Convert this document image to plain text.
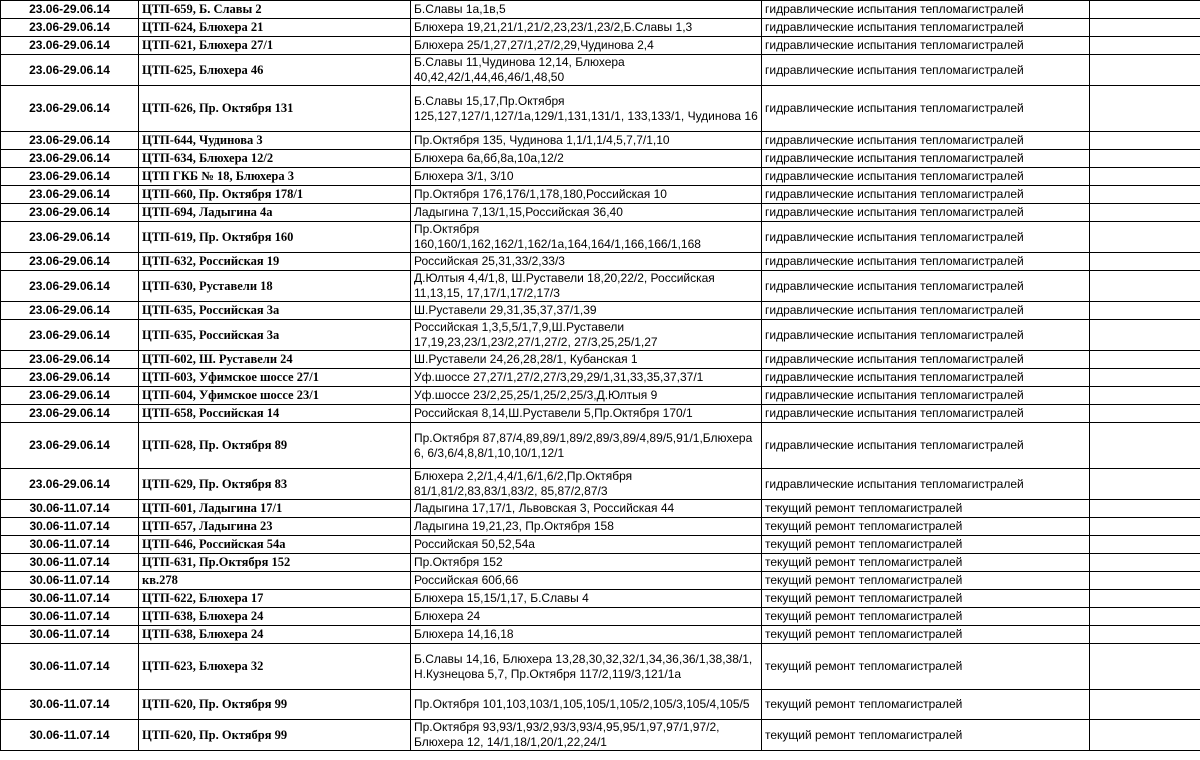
23.06-29.06.14	ЦТП-659, Б. Славы 2	Б.Славы 1а,1в,5	гидравлические испытания тепломагистралей	
23.06-29.06.14	ЦТП-624, Блюхера 21	Блюхера 19,21,21/1,21/2,23,23/1,23/2,Б.Славы 1,3	гидравлические испытания тепломагистралей	
23.06-29.06.14	ЦТП-621, Блюхера 27/1	Блюхера 25/1,27,27/1,27/2,29,Чудинова 2,4	гидравлические испытания тепломагистралей	
23.06-29.06.14	ЦТП-625, Блюхера 46	Б.Славы 11,Чудинова 12,14, Блюхера 40,42,42/1,44,46,46/1,48,50	гидравлические испытания тепломагистралей	
23.06-29.06.14	ЦТП-626, Пр. Октября 131	Б.Славы 15,17,Пр.Октября 125,127,127/1,127/1а,129/1,131,131/1, 133,133/1, Чудинова 16	гидравлические испытания тепломагистралей	
23.06-29.06.14	ЦТП-644, Чудинова 3	Пр.Октября 135, Чудинова 1,1/1,1/4,5,7,7/1,10	гидравлические испытания тепломагистралей	
23.06-29.06.14	ЦТП-634, Блюхера 12/2	Блюхера 6а,6б,8а,10а,12/2	гидравлические испытания тепломагистралей	
23.06-29.06.14	ЦТП ГКБ № 18, Блюхера 3	Блюхера 3/1, 3/10	гидравлические испытания тепломагистралей	
23.06-29.06.14	ЦТП-660, Пр. Октября 178/1	Пр.Октября 176,176/1,178,180,Российская 10	гидравлические испытания тепломагистралей	
23.06-29.06.14	ЦТП-694, Ладыгина 4а	Ладыгина 7,13/1,15,Российская 36,40	гидравлические испытания тепломагистралей	
23.06-29.06.14	ЦТП-619, Пр. Октября 160	Пр.Октября 160,160/1,162,162/1,162/1а,164,164/1,166,166/1,168	гидравлические испытания тепломагистралей	
23.06-29.06.14	ЦТП-632, Российская 19	Российская 25,31,33/2,33/3	гидравлические испытания тепломагистралей	
23.06-29.06.14	ЦТП-630, Руставели 18	Д.Юлтыя 4,4/1,8, Ш.Руставели 18,20,22/2, Российская 11,13,15, 17,17/1,17/2,17/3	гидравлические испытания тепломагистралей	
23.06-29.06.14	ЦТП-635, Российская 3а	Ш.Руставели 29,31,35,37,37/1,39	гидравлические испытания тепломагистралей	
23.06-29.06.14	ЦТП-635, Российская 3а	Российская 1,3,5,5/1,7,9,Ш.Руставели 17,19,23,23/1,23/2,27/1,27/2, 27/3,25,25/1,27	гидравлические испытания тепломагистралей	
23.06-29.06.14	ЦТП-602, Ш. Руставели 24	Ш.Руставели 24,26,28,28/1, Кубанская 1	гидравлические испытания тепломагистралей	
23.06-29.06.14	ЦТП-603, Уфимское шоссе 27/1	Уф.шоссе 27,27/1,27/2,27/3,29,29/1,31,33,35,37,37/1	гидравлические испытания тепломагистралей	
23.06-29.06.14	ЦТП-604, Уфимское шоссе 23/1	Уф.шоссе 23/2,25,25/1,25/2,25/3,Д.Юлтыя 9	гидравлические испытания тепломагистралей	
23.06-29.06.14	ЦТП-658, Российская 14	Российская 8,14,Ш.Руставели 5,Пр.Октября 170/1	гидравлические испытания тепломагистралей	
23.06-29.06.14	ЦТП-628, Пр. Октября 89	Пр.Октября 87,87/4,89,89/1,89/2,89/3,89/4,89/5,91/1,Блюхера 6, 6/3,6/4,8,8/1,10,10/1,12/1	гидравлические испытания тепломагистралей	
23.06-29.06.14	ЦТП-629, Пр. Октября 83	Блюхера 2,2/1,4,4/1,6/1,6/2,Пр.Октября 81/1,81/2,83,83/1,83/2, 85,87/2,87/3	гидравлические испытания тепломагистралей	
30.06-11.07.14	ЦТП-601, Ладыгина 17/1	Ладыгина 17,17/1, Львовская 3, Российская 44	текущий ремонт тепломагистралей	
30.06-11.07.14	ЦТП-657, Ладыгина 23	Ладыгина 19,21,23, Пр.Октября 158	текущий ремонт тепломагистралей	
30.06-11.07.14	ЦТП-646, Российская 54а	Российская 50,52,54а	текущий ремонт тепломагистралей	
30.06-11.07.14	ЦТП-631, Пр.Октября 152	Пр.Октября 152	текущий ремонт тепломагистралей	
30.06-11.07.14	кв.278	Российская 60б,66	текущий ремонт тепломагистралей	
30.06-11.07.14	ЦТП-622, Блюхера 17	Блюхера 15,15/1,17, Б.Славы 4	текущий ремонт тепломагистралей	
30.06-11.07.14	ЦТП-638, Блюхера 24	Блюхера 24	текущий ремонт тепломагистралей	
30.06-11.07.14	ЦТП-638, Блюхера 24	Блюхера 14,16,18	текущий ремонт тепломагистралей	
30.06-11.07.14	ЦТП-623, Блюхера 32	Б.Славы 14,16, Блюхера 13,28,30,32,32/1,34,36,36/1,38,38/1, Н.Кузнецова 5,7, Пр.Октября 117/2,119/3,121/1а	текущий ремонт тепломагистралей	
30.06-11.07.14	ЦТП-620, Пр. Октября 99	Пр.Октября 101,103,103/1,105,105/1,105/2,105/3,105/4,105/5	текущий ремонт тепломагистралей	
30.06-11.07.14	ЦТП-620, Пр. Октября 99	Пр.Октября 93,93/1,93/2,93/3,93/4,95,95/1,97,97/1,97/2, Блюхера 12, 14/1,18/1,20/1,22,24/1	текущий ремонт тепломагистралей	
